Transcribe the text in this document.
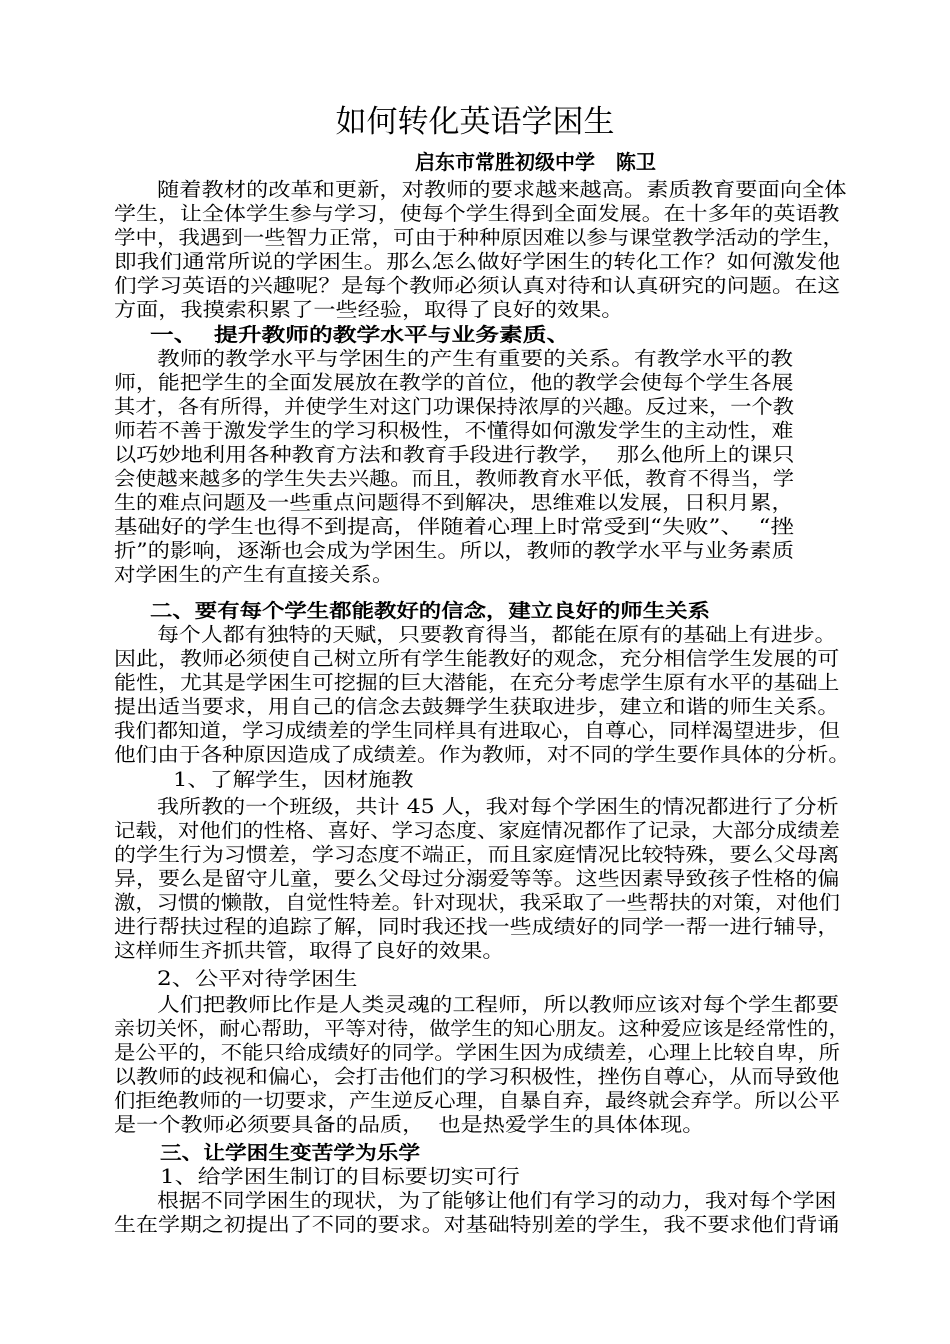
如何转化英语学困生
启东市常胜初级中学   陈卫
随着教材的改革和更新，对教师的要求越来越高。素质教育要面向全体
学生，让全体学生参与学习，使每个学生得到全面发展。在十多年的英语教
学中，我遇到一些智力正常，可由于种种原因难以参与课堂教学活动的学生，
即我们通常所说的学困生。那么怎么做好学困生的转化工作？如何激发他
们学习英语的兴趣呢？是每个教师必须认真对待和认真研究的问题。在这
方面，我摸索积累了一些经验，取得了良好的效果。
一、  提升教师的教学水平与业务素质、
教师的教学水平与学困生的产生有重要的关系。有教学水平的教
师，能把学生的全面发展放在教学的首位，他的教学会使每个学生各展
其才，各有所得，并使学生对这门功课保持浓厚的兴趣。反过来，一个教
师若不善于激发学生的学习积极性，不懂得如何激发学生的主动性，难
以巧妙地利用各种教育方法和教育手段进行教学，  那么他所上的课只
会使越来越多的学生失去兴趣。而且，教师教育水平低，教育不得当，学
生的难点问题及一些重点问题得不到解决，思维难以发展，日积月累，
基础好的学生也得不到提高，伴随着心理上时常受到“失败”、  “挫
折”的影响，逐渐也会成为学困生。所以，教师的教学水平与业务素质
对学困生的产生有直接关系。
二、要有每个学生都能教好的信念，建立良好的师生关系
每个人都有独特的天赋，只要教育得当，都能在原有的基础上有进步。
因此，教师必须使自己树立所有学生能教好的观念，充分相信学生发展的可
能性，尤其是学困生可挖掘的巨大潜能，在充分考虑学生原有水平的基础上
提出适当要求，用自己的信念去鼓舞学生获取进步，建立和谐的师生关系。
我们都知道，学习成绩差的学生同样具有进取心，自尊心，同样渴望进步，但
他们由于各种原因造成了成绩差。作为教师，对不同的学生要作具体的分析。
1、了解学生，因材施教
我所教的一个班级，共计 45 人，我对每个学困生的情况都进行了分析
记载，对他们的性格、喜好、学习态度、家庭情况都作了记录，大部分成绩差
的学生行为习惯差，学习态度不端正，而且家庭情况比较特殊，要么父母离
异，要么是留守儿童，要么父母过分溺爱等等。这些因素导致孩子性格的偏
激，习惯的懒散，自觉性特差。针对现状，我采取了一些帮扶的对策，对他们
进行帮扶过程的追踪了解，同时我还找一些成绩好的同学一帮一进行辅导，
这样师生齐抓共管，取得了良好的效果。
2、公平对待学困生
人们把教师比作是人类灵魂的工程师，所以教师应该对每个学生都要
亲切关怀，耐心帮助，平等对待，做学生的知心朋友。这种爱应该是经常性的，
是公平的，不能只给成绩好的同学。学困生因为成绩差，心理上比较自卑，所
以教师的歧视和偏心，会打击他们的学习积极性，挫伤自尊心，从而导致他
们拒绝教师的一切要求，产生逆反心理，自暴自弃，最终就会弃学。所以公平
是一个教师必须要具备的品质，  也是热爱学生的具体体现。
三、让学困生变苦学为乐学
1、给学困生制订的目标要切实可行
根据不同学困生的现状，为了能够让他们有学习的动力，我对每个学困
生在学期之初提出了不同的要求。对基础特别差的学生，我不要求他们背诵
